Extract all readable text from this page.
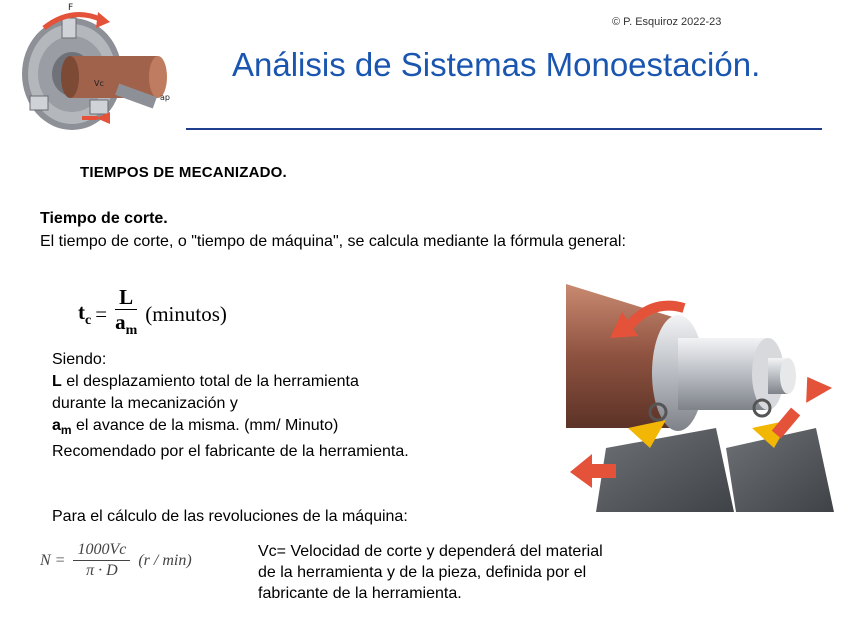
F
Vc
ap
© P. Esquiroz 2022-23
Análisis de Sistemas Monoestación.
TIEMPOS DE MECANIZADO.
Tiempo de corte.
El tiempo de corte, o "tiempo de máquina", se calcula mediante la fórmula general:
$t_c = \frac{L}{a_m}$ (minutos)
Siendo:
L el desplazamiento total de la herramienta
durante la mecanización y
$a_m$ el avance de la misma. (mm/ Minuto)
Recomendado por el fabricante de la herramienta.
Para el cálculo de las revoluciones de la máquina:
$N = \frac{1000Vc}{\pi \cdot D} (r / \min)$	Vc= Velocidad de corte y dependerá del material
de la herramienta y de la pieza, definida por el
fabricante de la herramienta.
